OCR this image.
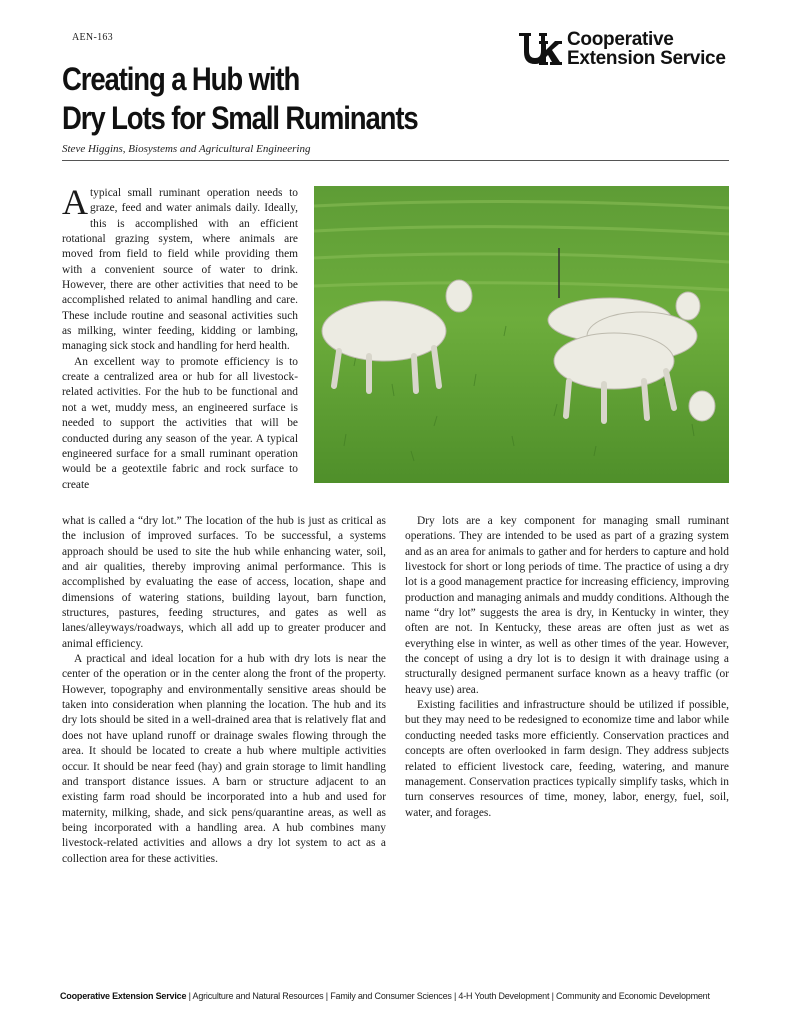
AEN-163	Cooperative
Extension Service
Creating a Hub with
Dry Lots for Small Ruminants
Steve Higgins, Biosystems and Agricultural Engineering

Atypical small ruminant operation needs to graze, feed and water animals daily. Ideally, this is accomplished with an efficient rotational grazing system, where animals are moved from field to field while providing them with a convenient source of water to drink. However, there are other activities that need to be accomplished related to animal handling and care. These include routine and seasonal activities such as milking, winter feeding, kidding or lambing, managing sick stock and handling for herd health.

An excellent way to promote efficiency is to create a centralized area or hub for all livestock-related activities. For the hub to be functional and not a wet, muddy mess, an engineered surface is needed to support the activities that will be conducted during any season of the year. A typical engineered surface for a small ruminant operation would be a geotextile fabric and rock surface to create

what is called a “dry lot.” The location of the hub is just as critical as the inclusion of improved surfaces. To be successful, a systems approach should be used to site the hub while enhancing water, soil, and air qualities, thereby improving animal performance. This is accomplished by evaluating the ease of access, location, shape and dimensions of watering stations, building layout, barn function, structures, pastures, feeding structures, and gates as well as lanes/alleyways/roadways, which all add up to greater producer and animal efficiency.

A practical and ideal location for a hub with dry lots is near the center of the operation or in the center along the front of the property. However, topography and environmentally sensitive areas should be taken into consideration when planning the location. The hub and its dry lots should be sited in a well-drained area that is relatively flat and does not have upland runoff or drainage swales flowing through the area. It should be located to create a hub where multiple activities occur. It should be near feed (hay) and grain storage to limit handling and transport distance issues. A barn or structure adjacent to an existing farm road should be incorporated into a hub and used for maternity, milking, shade, and sick pens/quarantine areas, as well as being incorporated with a handling area. A hub combines many livestock-related activities and allows a dry lot system to act as a collection area for these activities.

Dry lots are a key component for managing small ruminant operations. They are intended to be used as part of a grazing system and as an area for animals to gather and for herders to capture and hold livestock for short or long periods of time. The practice of using a dry lot is a good management practice for increasing efficiency, improving production and managing animals and muddy conditions. Although the name “dry lot” suggests the area is dry, in Kentucky in winter, they often are not. In Kentucky, these areas are often just as wet as everything else in winter, as well as other times of the year. However, the concept of using a dry lot is to design it with drainage using a structurally designed permanent surface known as a heavy traffic (or heavy use) area.

Existing facilities and infrastructure should be utilized if possible, but they may need to be redesigned to economize time and labor while conducting needed tasks more efficiently. Conservation practices and concepts are often overlooked in farm design. They address subjects related to efficient livestock care, feeding, watering, and manure management. Conservation practices typically simplify tasks, which in turn conserves resources of time, money, labor, energy, fuel, soil, water, and forages.

Cooperative Extension Service | Agriculture and Natural Resources | Family and Consumer Sciences | 4-H Youth Development | Community and Economic Development
